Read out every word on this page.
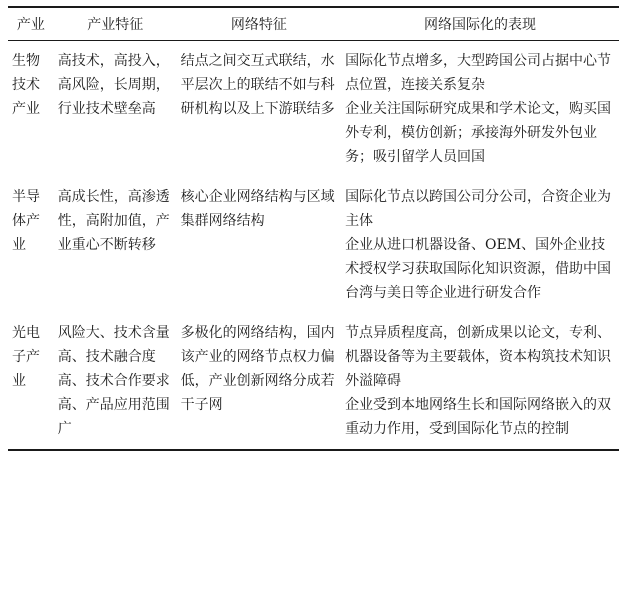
产业	产业特征	网络特征	网络国际化的表现
生物技术产业	高技术，高投入，高风险，长周期，行业技术壁垒高	结点之间交互式联结，水平层次上的联结不如与科研机构以及上下游联结多	国际化节点增多，大型跨国公司占据中心节点位置，连接关系复杂
企业关注国际研究成果和学术论文，购买国外专利，模仿创新；承接海外研发外包业务；吸引留学人员回国

半导体产业	高成长性，高渗透性，高附加值，产业重心不断转移	核心企业网络结构与区域集群网络结构	国际化节点以跨国公司分公司，合资企业为主体
企业从进口机器设备、OEM、国外企业技术授权学习获取国际化知识资源，借助中国台湾与美日等企业进行研发合作

光电子产业	风险大、技术含量高、技术融合度高、技术合作要求高、产品应用范围广	多极化的网络结构，国内该产业的网络节点权力偏低，产业创新网络分成若干子网	节点异质程度高，创新成果以论文，专利、机器设备等为主要载体，资本构筑技术知识外溢障碍
企业受到本地网络生长和国际网络嵌入的双重动力作用，受到国际化节点的控制
